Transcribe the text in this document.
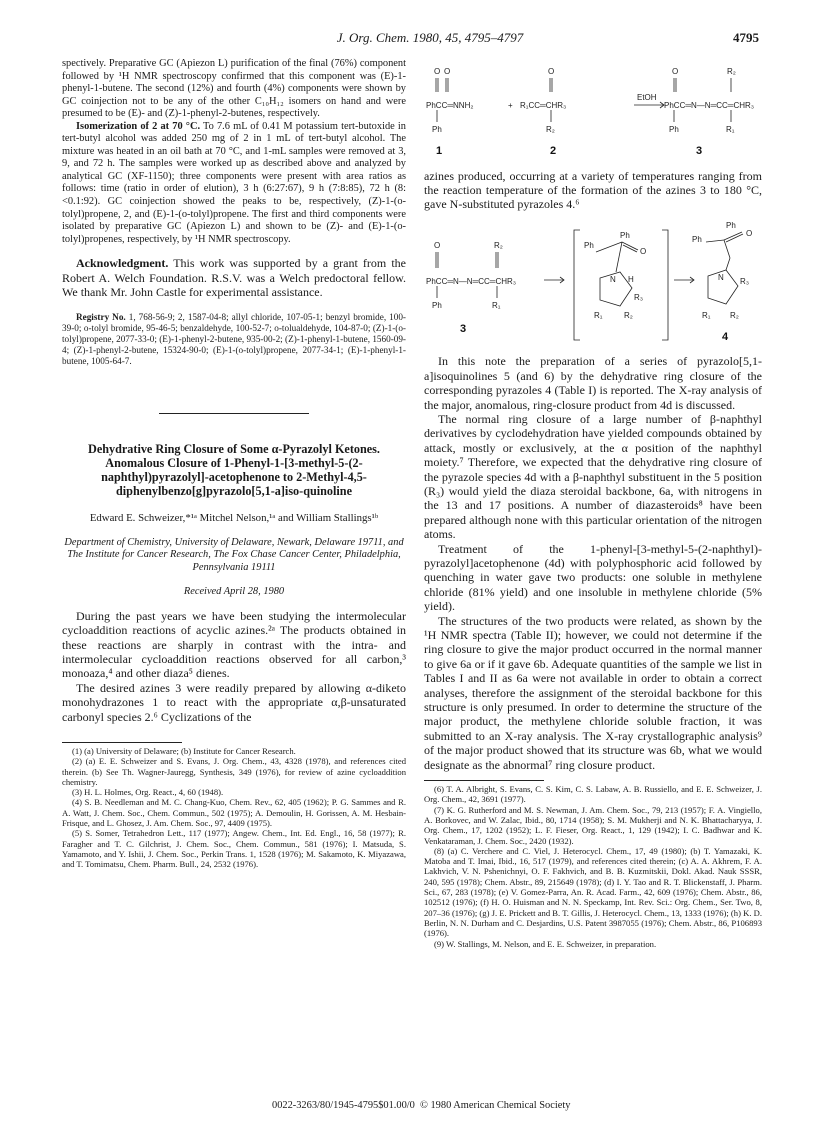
J. Org. Chem. 1980, 45, 4795–4797	4795

spectively. Preparative GC (Apiezon L) purification of the final (76%) component followed by ¹H NMR spectroscopy confirmed that this component was (E)-1-phenyl-1-butene. The second (12%) and fourth (4%) components were shown by GC coinjection not to be any of the other C₁₀H₁₂ isomers on hand and were presumed to be (E)- and (Z)-1-phenyl-2-butenes, respectively.

Isomerization of 2 at 70 °C. To 7.6 mL of 0.41 M potassium tert-butoxide in tert-butyl alcohol was added 250 mg of 2 in 1 mL of tert-butyl alcohol. The mixture was heated in an oil bath at 70 °C, and 1-mL samples were removed at 3, 9, and 72 h. The samples were worked up as described above and analyzed by analytical GC (XF-1150); three components were present with area ratios as follows: time (ratio in order of elution), 3 h (6:27:67), 9 h (7:8:85), 72 h (8:<0.1:92). GC coinjection showed the peaks to be, respectively, (Z)-1-(o-tolyl)propene, 2, and (E)-1-(o-tolyl)propene. The first and third components were isolated by preparative GC (Apiezon L) and shown to be (Z)- and (E)-1-(o-tolyl)propenes, respectively, by ¹H NMR spectroscopy.

Acknowledgment. This work was supported by a grant from the Robert A. Welch Foundation. R.S.V. was a Welch predoctoral fellow. We thank Mr. John Castle for experimental assistance.

Registry No. 1, 768-56-9; 2, 1587-04-8; allyl chloride, 107-05-1; benzyl bromide, 100-39-0; o-tolyl bromide, 95-46-5; benzaldehyde, 100-52-7; o-tolualdehyde, 104-87-0; (Z)-1-(o-tolyl)propene, 2077-33-0; (E)-1-phenyl-2-butene, 935-00-2; (Z)-1-phenyl-1-butene, 1560-09-4; (Z)-1-phenyl-2-butene, 15324-90-0; (E)-1-(o-tolyl)propene, 2077-34-1; (E)-1-phenyl-1-butene, 1005-64-7.

Dehydrative Ring Closure of Some α-Pyrazolyl Ketones. Anomalous Closure of 1-Phenyl-1-[3-methyl-5-(2-naphthyl)pyrazolyl]-acetophenone to 2-Methyl-4,5-diphenylbenzo[g]pyrazolo[5,1-a]iso-quinoline
Edward E. Schweizer,*¹ᵃ Mitchel Nelson,¹ᵃ and William Stallings¹ᵇ
Department of Chemistry, University of Delaware, Newark, Delaware 19711, and The Institute for Cancer Research, The Fox Chase Cancer Center, Philadelphia, Pennsylvania 19111
Received April 28, 1980

During the past years we have been studying the intermolecular cycloaddition reactions of acyclic azines.²ᵃ The products obtained in these reactions are sharply in contrast with the intra- and intermolecular cycloaddition reactions observed for all carbon,³ monoaza,⁴ and other diaza⁵ dienes.

The desired azines 3 were readily prepared by allowing α-diketo monohydrazones 1 to react with the appropriate α,β-unsaturated carbonyl species 2.⁶ Cyclizations of the

(1) (a) University of Delaware; (b) Institute for Cancer Research.

(2) (a) E. E. Schweizer and S. Evans, J. Org. Chem., 43, 4328 (1978), and references cited therein. (b) See Th. Wagner-Jauregg, Synthesis, 349 (1976), for review of azine cycloaddition chemistry.

(3) H. L. Holmes, Org. React., 4, 60 (1948).

(4) S. B. Needleman and M. C. Chang-Kuo, Chem. Rev., 62, 405 (1962); P. G. Sammes and R. A. Watt, J. Chem. Soc., Chem. Commun., 502 (1975); A. Demoulin, H. Gorissen, A. M. Hesbain-Frisque, and L. Ghosez, J. Am. Chem. Soc., 97, 4409 (1975).

(5) S. Somer, Tetrahedron Lett., 117 (1977); Angew. Chem., Int. Ed. Engl., 16, 58 (1977); R. Faragher and T. C. Gilchrist, J. Chem. Soc., Chem. Commun., 581 (1976); I. Matsuda, S. Yamamoto, and Y. Ishii, J. Chem. Soc., Perkin Trans. 1, 1528 (1976); M. Sakamoto, K. Miyazawa, and T. Tomimatsu, Chem. Pharm. Bull., 24, 2532 (1976).

O O
PhCC═NNH₂
Ph
+
O
R₁CC═CHR₃
R₂
EtOH
O	R₂
PhCC═N—N═CC═CHR₃
Ph	R₁
1	2	3

azines produced, occurring at a variety of temperatures ranging from the reaction temperature of the formation of the azines 3 to 180 °C, gave N-substituted pyrazoles 4.⁶

O	R₂
PhCC═N—N═CC═CHR₃
Ph	R₁
Ph
Ph
O
N H
R₃
R₁	R₂
Ph
Ph
O
N R₃
R₁ R₂
3
4

In this note the preparation of a series of pyrazolo[5,1-a]isoquinolines 5 (and 6) by the dehydrative ring closure of the corresponding pyrazoles 4 (Table I) is reported. The X-ray analysis of the major, anomalous, ring-closure product from 4d is discussed.

The normal ring closure of a large number of β-naphthyl derivatives by cyclodehydration have yielded compounds obtained by attack, mostly or exclusively, at the α position of the naphthyl moiety.⁷ Therefore, we expected that the dehydrative ring closure of the pyrazole species 4d with a β-naphthyl substituent in the 5 position (R₃) would yield the diaza steroidal backbone, 6a, with nitrogens in the 13 and 17 positions. A number of diazasteroids⁸ have been prepared although none with this particular orientation of the nitrogen atoms.

Treatment of the 1-phenyl-[3-methyl-5-(2-naphthyl)-pyrazolyl]acetophenone (4d) with polyphosphoric acid followed by quenching in water gave two products: one soluble in methylene chloride (81% yield) and one insoluble in methylene chloride (5% yield).

The structures of the two products were related, as shown by the ¹H NMR spectra (Table II); however, we could not determine if the ring closure to give the major product occurred in the normal manner to give 6a or if it gave 6b. Adequate quantities of the sample we list in Tables I and II as 6a were not available in order to obtain a correct analyses, therefore the assignment of the steroidal backbone for this structure is only presumed. In order to determine the structure of the major product, the methylene chloride soluble fraction, it was submitted to an X-ray analysis. The X-ray crystallographic analysis⁹ of the major product showed that its structure was 6b, what we would designate as the abnormal⁷ ring closure product.

(6) T. A. Albright, S. Evans, C. S. Kim, C. S. Labaw, A. B. Russiello, and E. E. Schweizer, J. Org. Chem., 42, 3691 (1977).

(7) K. G. Rutherford and M. S. Newman, J. Am. Chem. Soc., 79, 213 (1957); F. A. Vingiello, A. Borkovec, and W. Zalac, Ibid., 80, 1714 (1958); S. M. Mukherji and N. K. Bhattacharyya, J. Org. Chem., 17, 1202 (1952); L. F. Fieser, Org. React., 1, 129 (1942); I. C. Badhwar and K. Venkataraman, J. Chem. Soc., 2420 (1932).

(8) (a) C. Verchere and C. Viel, J. Heterocycl. Chem., 17, 49 (1980); (b) T. Yamazaki, K. Matoba and T. Imai, Ibid., 16, 517 (1979), and references cited therein; (c) A. A. Akhrem, F. A. Lakhvich, V. N. Pshenichnyi, O. F. Fakhvich, and B. B. Kuzmitskii, Dokl. Akad. Nauk SSSR, 240, 595 (1978); Chem. Abstr., 89, 215649 (1978); (d) I. Y. Tao and R. T. Blickenstaff, J. Pharm. Sci., 67, 283 (1978); (e) V. Gomez-Parra, An. R. Acad. Farm., 42, 609 (1976); Chem. Abstr., 86, 102512 (1976); (f) H. O. Huisman and N. N. Speckamp, Int. Rev. Sci.: Org. Chem., Ser. Two, 8, 207–36 (1976); (g) J. E. Prickett and B. T. Gillis, J. Heterocycl. Chem., 13, 1333 (1976); (h) K. D. Berlin, N. N. Durham and C. Desjardins, U.S. Patent 3987055 (1976); Chem. Abstr., 86, P106893 (1976).

(9) W. Stallings, M. Nelson, and E. E. Schweizer, in preparation.

0022-3263/80/1945-4795$01.00/0 © 1980 American Chemical Society
